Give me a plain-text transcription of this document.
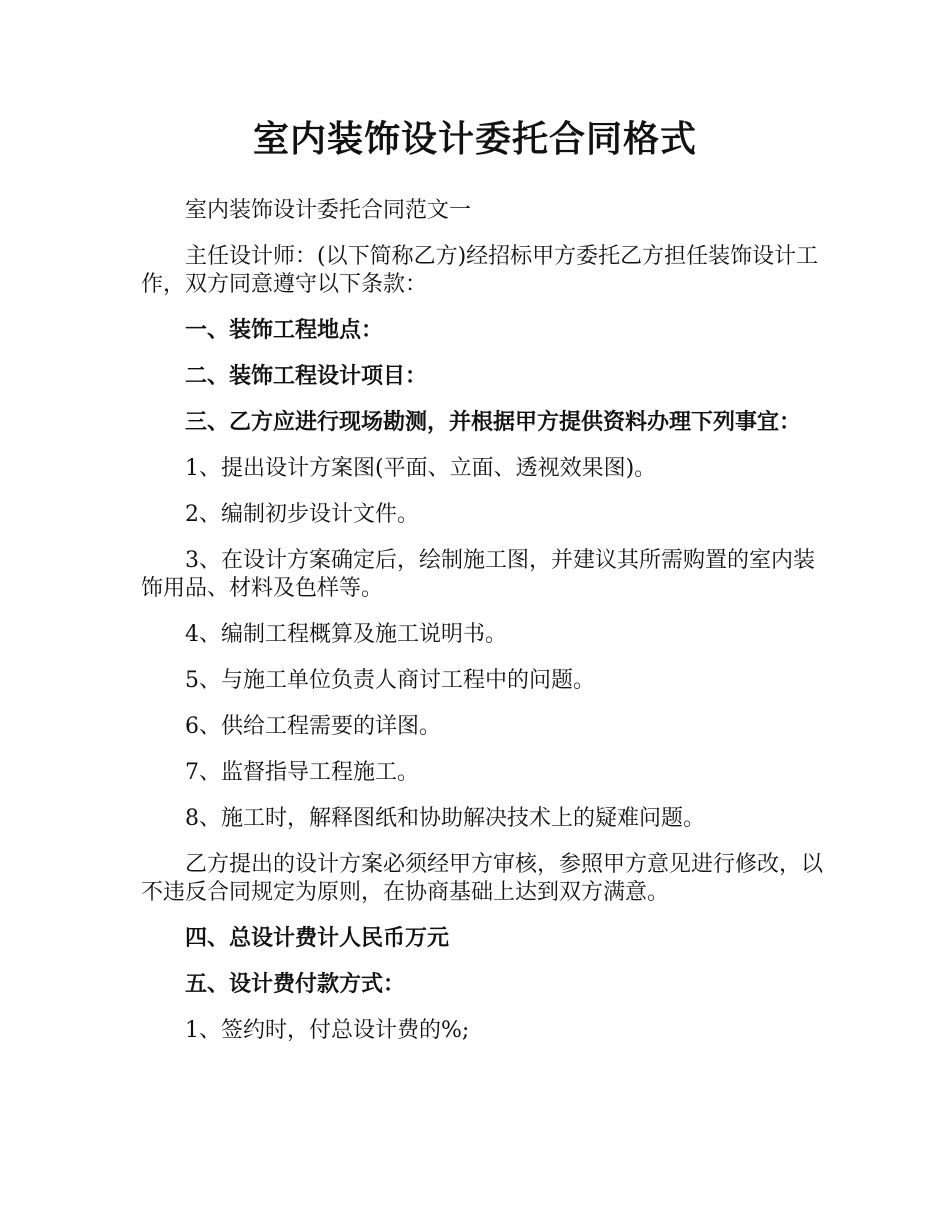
室内装饰设计委托合同格式

室内装饰设计委托合同范文一

主任设计师：(以下简称乙方)经招标甲方委托乙方担任装饰设计工作，双方同意遵守以下条款：

一、装饰工程地点：

二、装饰工程设计项目：

三、乙方应进行现场勘测，并根据甲方提供资料办理下列事宜：

1、提出设计方案图(平面、立面、透视效果图)。

2、编制初步设计文件。

3、在设计方案确定后，绘制施工图，并建议其所需购置的室内装饰用品、材料及色样等。

4、编制工程概算及施工说明书。

5、与施工单位负责人商讨工程中的问题。

6、供给工程需要的详图。

7、监督指导工程施工。

8、施工时，解释图纸和协助解决技术上的疑难问题。

乙方提出的设计方案必须经甲方审核，参照甲方意见进行修改，以不违反合同规定为原则，在协商基础上达到双方满意。

四、总设计费计人民币万元

五、设计费付款方式：

1、签约时，付总设计费的%;
